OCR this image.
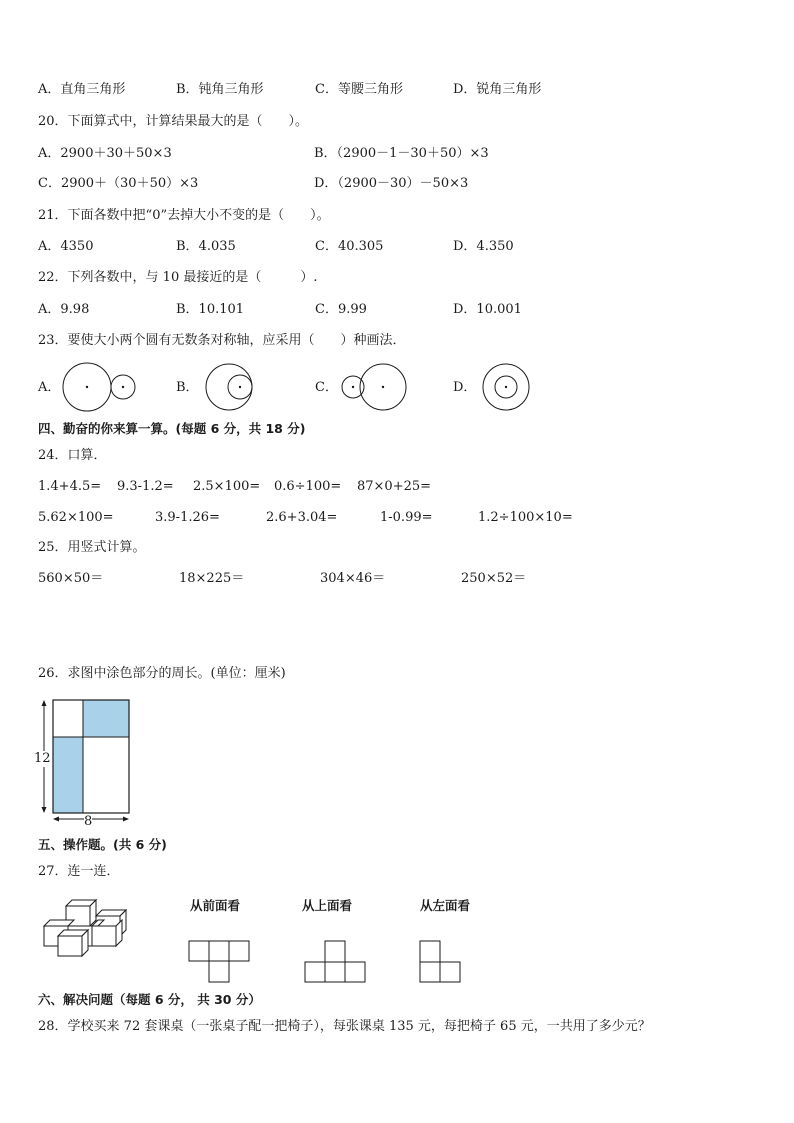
A．直角三角形	B．钝角三角形	C．等腰三角形	D．锐角三角形
20．下面算式中，计算结果最大的是（　　）。
A．2900＋30＋50×3	B．（2900－1－30＋50）×3
C．2900＋（30＋50）×3	D．（2900－30）－50×3
21．下面各数中把“0”去掉大小不变的是（　　）。
A．4350	B．4.035	C．40.305	D．4.350
22．下列各数中，与 10 最接近的是（　　　）.
A．9.98	B．10.101	C．9.99	D．10.001
23．要使大小两个圆有无数条对称轴，应采用（　　）种画法．
A．	B．	C．	D．
四、勤奋的你来算一算。(每题 6 分，共 18 分)
24．口算．
1.4+4.5= 9.3-1.2= 2.5×100= 0.6÷100= 87×0+25=
5.62×100=	3.9-1.26=	2.6+3.04=	1-0.99=	1.2÷100×10=
25．用竖式计算。
560×50＝	18×225＝	304×46＝	250×52＝
26．求图中涂色部分的周长。(单位：厘米)
12
8
五、操作题。(共 6 分)
27．连一连．
从前面看	从上面看	从左面看
六、解决问题（每题 6 分， 共 30 分）
28．学校买来 72 套课桌（一张桌子配一把椅子），每张课桌 135 元，每把椅子 65 元，一共用了多少元？
